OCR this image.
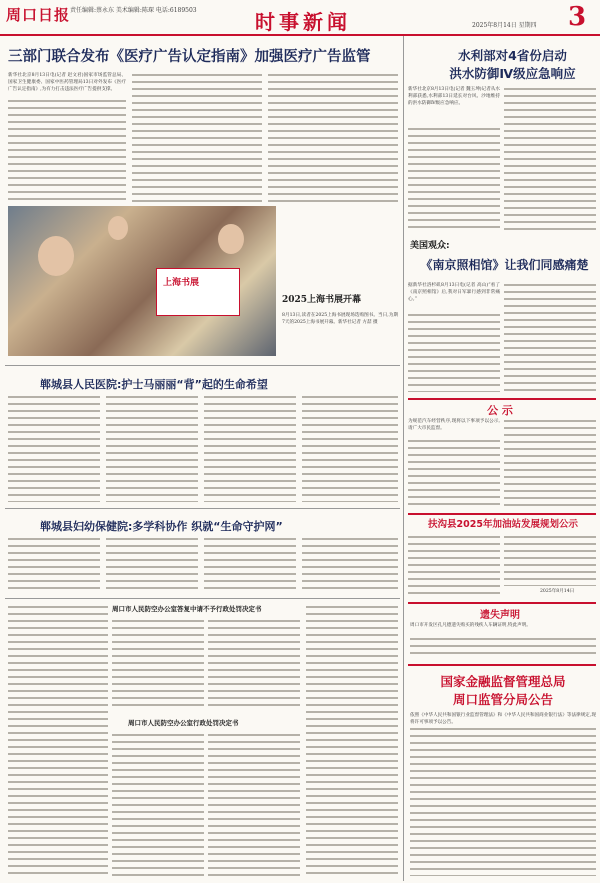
周口日报 责任编辑:蔡永东 美术编辑:陈琛 电话:6189503	时事新闻	2025年8月14日 星期四 3
三部门联合发布《医疗广告认定指南》加强医疗广告监管
新华社北京8月13日电(记者 赵文君)国家市场监管总局、国家卫生健康委、国家中医药管理局13日对外发布《医疗广告认定指南》,为有力打击违法医疗广告提供支撑。
上海书展
2025上海书展开幕
8月13日,读者在2025上海书展现场选购图书。当日,为期7天的2025上海书展开幕。新华社记者 方喆 摄
郸城县人民医院:护士马丽丽“背”起的生命希望
郸城县妇幼保健院:多学科协作 织就“生命守护网”
周口市人民防空办公室答复中请不予行政处罚决定书
周口市人民防空办公室行政处罚决定书
水利部对4省份启动
洪水防御Ⅳ级应急响应
新华社北京8月13日电(记者 魏玉坤)记者从水利部获悉,水利部13日延长对台风、沙地维持的洪水防御Ⅳ级应急响应。
美国观众:
《南京照相馆》让我们同感痛楚
据新华社洛杉矶8月13日电(记者 高山)“看了《南京照相馆》后,我对日军暴行感到非常痛心。”
公 示
为规范汽车经营秩序,现将以下事项予以公示,请广大市民监督。
扶沟县2025年加油站发展规划公示
2025年8月14日
遗失声明
周口市开发区孔凡德遗失购买的残疾人车辆证明,特此声明。
国家金融监督管理总局
周口监管分局公告
依照《中华人民共和国银行业监督管理法》和《中华人民共和国商业银行法》等法律规定,现将许可事项予以公告。
